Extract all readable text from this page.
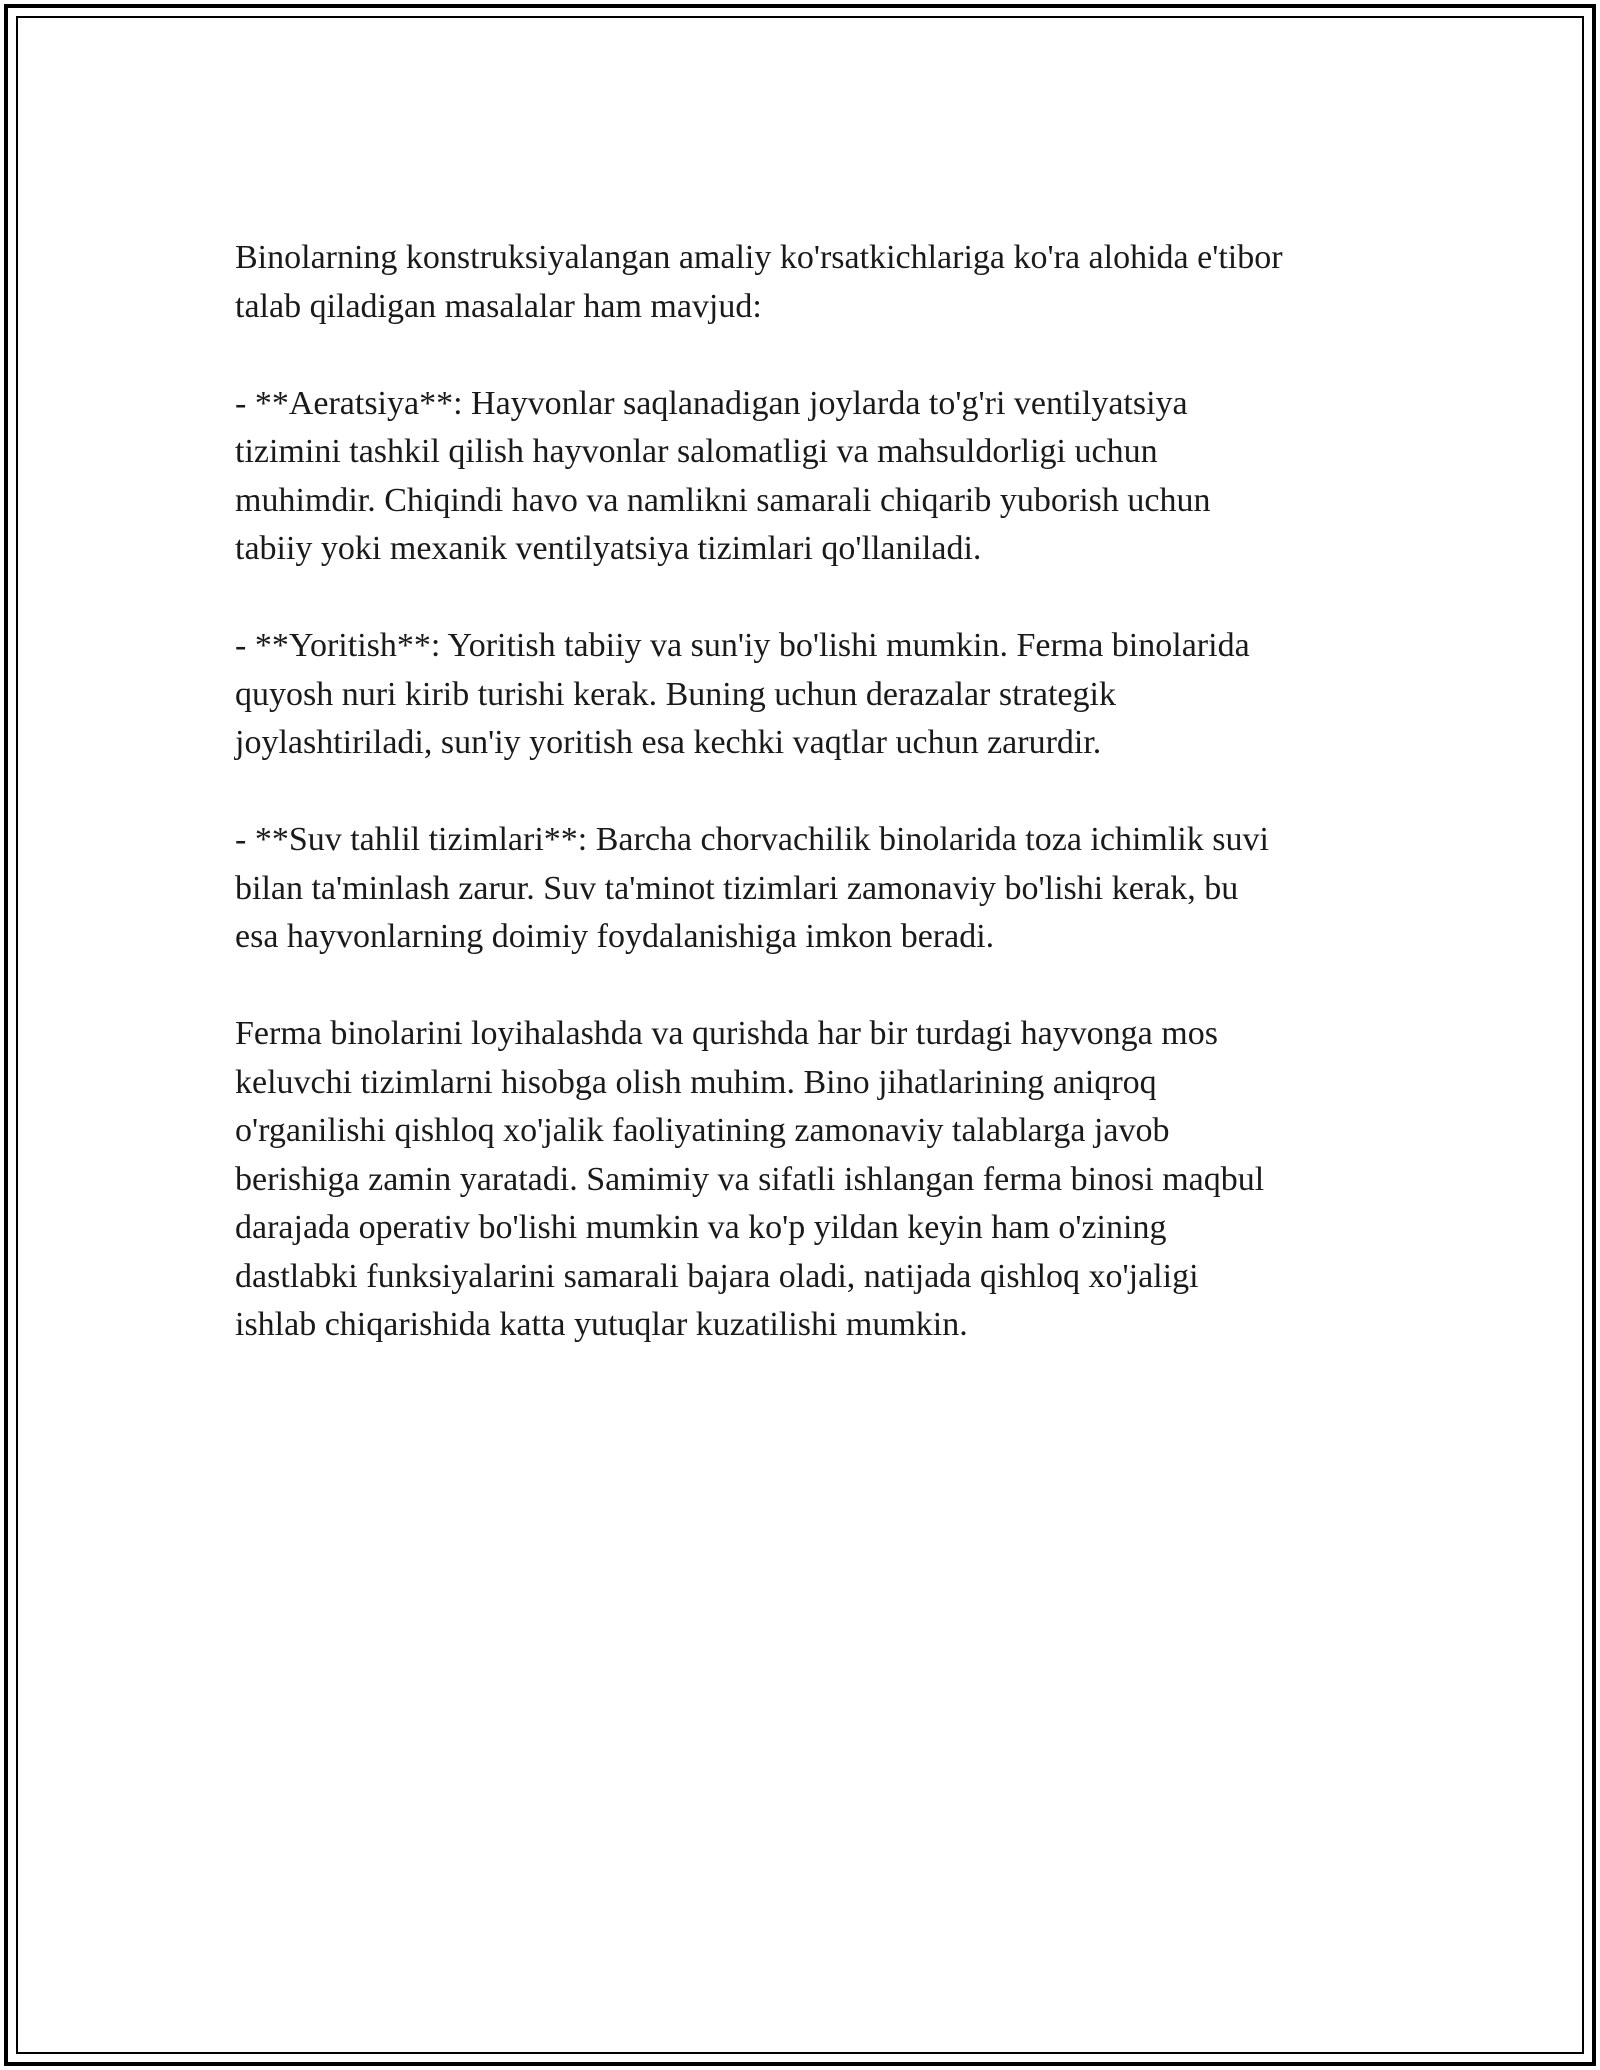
Binolarning konstruksiyalangan amaliy ko'rsatkichlariga ko'ra alohida e'tibor
talab qiladigan masalalar ham mavjud:

- **Aeratsiya**: Hayvonlar saqlanadigan joylarda to'g'ri ventilyatsiya
tizimini tashkil qilish hayvonlar salomatligi va mahsuldorligi uchun
muhimdir. Chiqindi havo va namlikni samarali chiqarib yuborish uchun
tabiiy yoki mexanik ventilyatsiya tizimlari qo'llaniladi.

- **Yoritish**: Yoritish tabiiy va sun'iy bo'lishi mumkin. Ferma binolarida
quyosh nuri kirib turishi kerak. Buning uchun derazalar strategik
joylashtiriladi, sun'iy yoritish esa kechki vaqtlar uchun zarurdir.

- **Suv tahlil tizimlari**: Barcha chorvachilik binolarida toza ichimlik suvi
bilan ta'minlash zarur. Suv ta'minot tizimlari zamonaviy bo'lishi kerak, bu
esa hayvonlarning doimiy foydalanishiga imkon beradi.

Ferma binolarini loyihalashda va qurishda har bir turdagi hayvonga mos
keluvchi tizimlarni hisobga olish muhim. Bino jihatlarining aniqroq
o'rganilishi qishloq xo'jalik faoliyatining zamonaviy talablarga javob
berishiga zamin yaratadi. Samimiy va sifatli ishlangan ferma binosi maqbul
darajada operativ bo'lishi mumkin va ko'p yildan keyin ham o'zining
dastlabki funksiyalarini samarali bajara oladi, natijada qishloq xo'jaligi
ishlab chiqarishida katta yutuqlar kuzatilishi mumkin.
